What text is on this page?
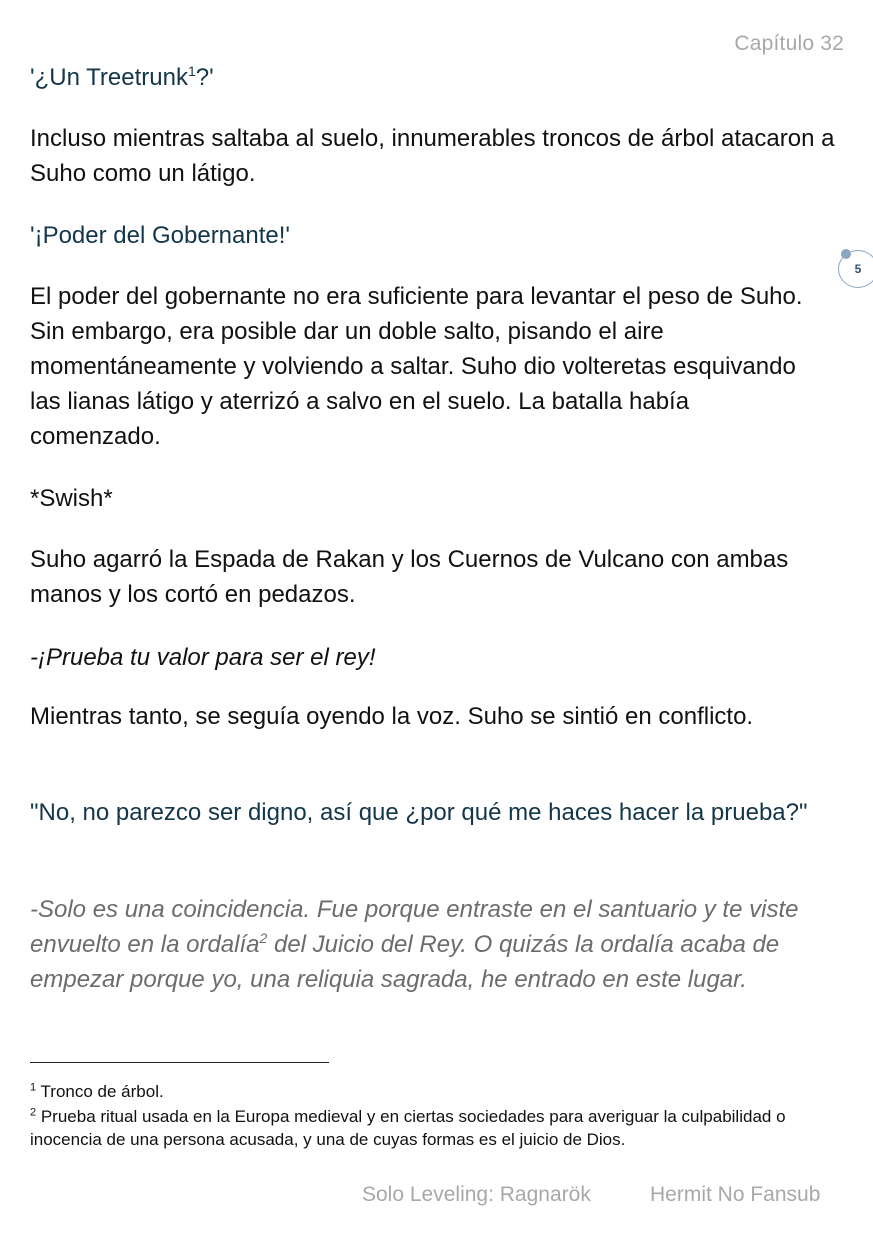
Capítulo 32

'¿Un Treetrunk$^1$?'

Incluso mientras saltaba al suelo, innumerables troncos de árbol atacaron a Suho como un látigo.

'¡Poder del Gobernante!'

5

El poder del gobernante no era suficiente para levantar el peso de Suho. Sin embargo, era posible dar un doble salto, pisando el aire momentáneamente y volviendo a saltar. Suho dio volteretas esquivando las lianas látigo y aterrizó a salvo en el suelo. La batalla había comenzado.

*Swish*

Suho agarró la Espada de Rakan y los Cuernos de Vulcano con ambas manos y los cortó en pedazos.

-¡Prueba tu valor para ser el rey!

Mientras tanto, se seguía oyendo la voz. Suho se sintió en conflicto.

"No, no parezco ser digno, así que ¿por qué me haces hacer la prueba?"

-Solo es una coincidencia. Fue porque entraste en el santuario y te viste envuelto en la ordalía$^2$ del Juicio del Rey. O quizás la ordalía acaba de empezar porque yo, una reliquia sagrada, he entrado en este lugar.

$^1$ Tronco de árbol.
$^2$ Prueba ritual usada en la Europa medieval y en ciertas sociedades para averiguar la culpabilidad o inocencia de una persona acusada, y una de cuyas formas es el juicio de Dios.
Solo Leveling: Ragnarök	Hermit No Fansub
